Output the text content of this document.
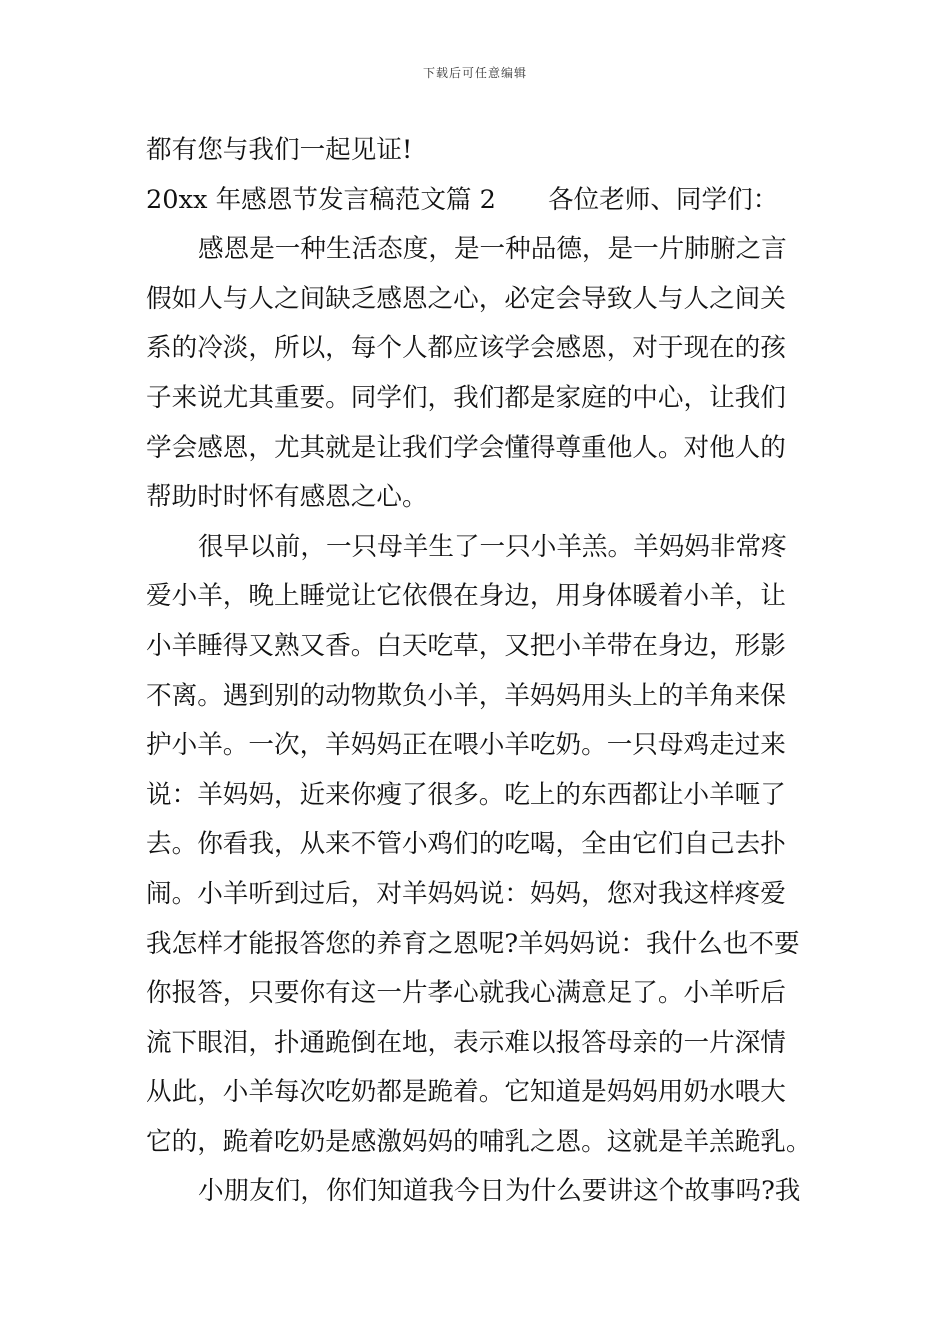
下载后可任意编辑
都有您与我们一起见证!
20xx 年感恩节发言稿范文篇 2 各位老师、同学们：
感恩是一种生活态度，是一种品德，是一片肺腑之言
假如人与人之间缺乏感恩之心，必定会导致人与人之间关
系的冷淡，所以，每个人都应该学会感恩，对于现在的孩
子来说尤其重要。同学们，我们都是家庭的中心，让我们
学会感恩，尤其就是让我们学会懂得尊重他人。对他人的
帮助时时怀有感恩之心。
很早以前，一只母羊生了一只小羊羔。羊妈妈非常疼
爱小羊，晚上睡觉让它依偎在身边，用身体暖着小羊，让
小羊睡得又熟又香。白天吃草，又把小羊带在身边，形影
不离。遇到别的动物欺负小羊，羊妈妈用头上的羊角来保
护小羊。一次，羊妈妈正在喂小羊吃奶。一只母鸡走过来
说：羊妈妈，近来你瘦了很多。吃上的东西都让小羊咂了
去。你看我，从来不管小鸡们的吃喝，全由它们自己去扑
闹。小羊听到过后，对羊妈妈说：妈妈，您对我这样疼爱
我怎样才能报答您的养育之恩呢?羊妈妈说：我什么也不要
你报答，只要你有这一片孝心就我心满意足了。小羊听后
流下眼泪，扑通跪倒在地，表示难以报答母亲的一片深情
从此，小羊每次吃奶都是跪着。它知道是妈妈用奶水喂大
它的，跪着吃奶是感激妈妈的哺乳之恩。这就是羊羔跪乳。
小朋友们，你们知道我今日为什么要讲这个故事吗?我
